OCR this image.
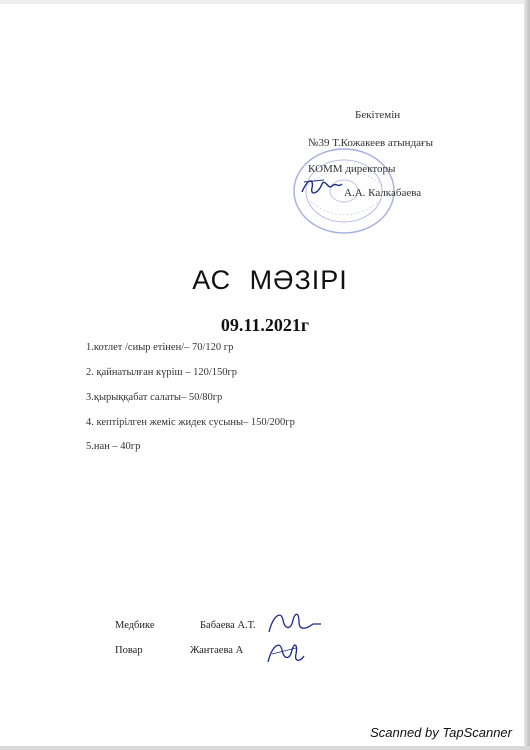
Бекітемін
№39 Т.Кожакеев атындағы
КОММ директоры
А.А. Калкабаева
АС МӘЗІРІ
09.11.2021г
1.котлет /сиыр етінен/– 70/120 гр
2. қайнатылған күріш – 120/150гр
3.қырыққабат салаты– 50/80гр
4. кептірілген жеміс жидек сусыны– 150/200гр
5.нан – 40гр
Медбике	Бабаева А.Т.
Повар	Жантаева А
Scanned by TapScanner
